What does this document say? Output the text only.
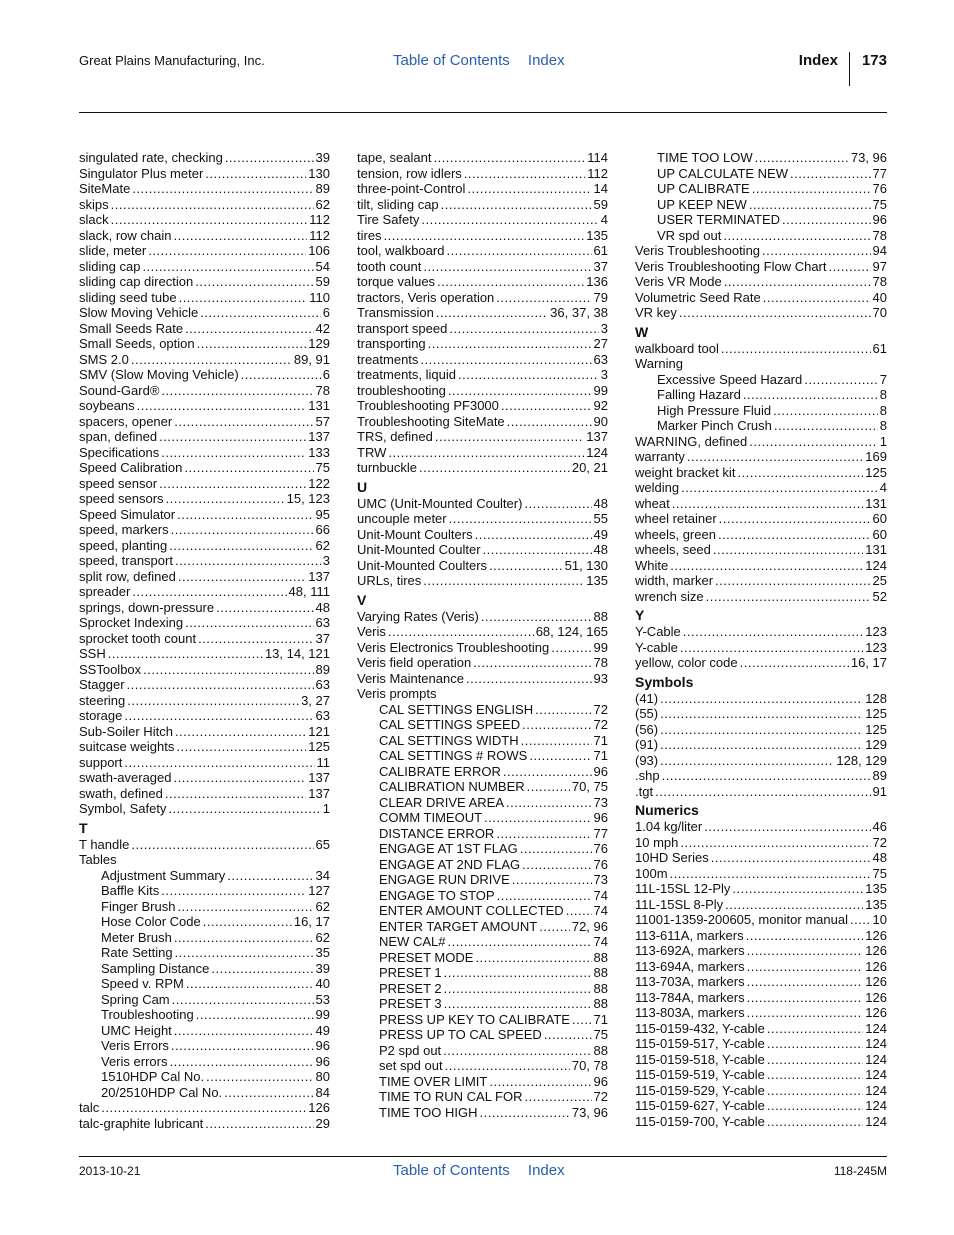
Great Plains Manufacturing, Inc.	Table of Contents Index	Index 173
singulated rate, checking .....	39
Singulator Plus meter .....	130
SiteMate .....	89
skips .....	62
slack .....	112
slack, row chain .....	112
slide, meter .....	106
sliding cap .....	54
sliding cap direction .....	59
sliding seed tube .....	110
Slow Moving Vehicle .....	6
Small Seeds Rate .....	42
Small Seeds, option .....	129
SMS 2.0 .....	89, 91
SMV (Slow Moving Vehicle) .....	6
Sound-Gard® .....	78
soybeans .....	131
spacers, opener .....	57
span, defined .....	137
Specifications .....	133
Speed Calibration .....	75
speed sensor .....	122
speed sensors .....	15, 123
Speed Simulator .....	95
speed, markers .....	66
speed, planting .....	62
speed, transport .....	3
split row, defined .....	137
spreader .....	48, 111
springs, down-pressure .....	48
Sprocket Indexing .....	63
sprocket tooth count .....	37
SSH .....	13, 14, 121
SSToolbox .....	89
Stagger .....	63
steering .....	3, 27
storage .....	63
Sub-Soiler Hitch .....	121
suitcase weights .....	125
support .....	11
swath-averaged .....	137
swath, defined .....	137
Symbol, Safety .....	1
T
T handle .....	65
Tables
Adjustment Summary .....	34
Baffle Kits .....	127
Finger Brush .....	62
Hose Color Code .....	16, 17
Meter Brush .....	62
Rate Setting .....	35
Sampling Distance .....	39
Speed v. RPM .....	40
Spring Cam .....	53
Troubleshooting .....	99
UMC Height .....	49
Veris Errors .....	96
Veris errors .....	96
1510HDP Cal No. .....	80
20/2510HDP Cal No. .....	84
talc .....	126
talc-graphite lubricant .....	29
tape, sealant .....	114
tension, row idlers .....	112
three-point-Control .....	14
tilt, sliding cap .....	59
Tire Safety .....	4
tires .....	135
tool, walkboard .....	61
tooth count .....	37
torque values .....	136
tractors, Veris operation .....	79
Transmission .....	36, 37, 38
transport speed .....	3
transporting .....	27
treatments .....	63
treatments, liquid .....	3
troubleshooting .....	99
Troubleshooting PF3000 .....	92
Troubleshooting SiteMate .....	90
TRS, defined .....	137
TRW .....	124
turnbuckle .....	20, 21
U
UMC (Unit-Mounted Coulter) .....	48
uncouple meter .....	55
Unit-Mount Coulters .....	49
Unit-Mounted Coulter .....	48
Unit-Mounted Coulters .....	51, 130
URLs, tires .....	135
V
Varying Rates (Veris) .....	88
Veris .....	68, 124, 165
Veris Electronics Troubleshooting .....	99
Veris field operation .....	78
Veris Maintenance .....	93
Veris prompts
CAL SETTINGS ENGLISH .....	72
CAL SETTINGS SPEED .....	72
CAL SETTINGS WIDTH .....	71
CAL SETTINGS # ROWS .....	71
CALIBRATE ERROR .....	96
CALIBRATION NUMBER .....	70, 75
CLEAR DRIVE AREA .....	73
COMM TIMEOUT .....	96
DISTANCE ERROR .....	77
ENGAGE AT 1ST FLAG .....	76
ENGAGE AT 2ND FLAG .....	76
ENGAGE RUN DRIVE .....	73
ENGAGE TO STOP .....	74
ENTER AMOUNT COLLECTED ..... 74
ENTER TARGET AMOUNT .....	72, 96
NEW CAL# .....	74
PRESET MODE .....	88
PRESET 1 .....	88
PRESET 2 .....	88
PRESET 3 .....	88
PRESS UP KEY TO CALIBRATE ..... 71
PRESS UP TO CAL SPEED .....	75
P2 spd out .....	88
set spd out .....	70, 78
TIME OVER LIMIT .....	96
TIME TO RUN CAL FOR .....	72
TIME TOO HIGH .....	73, 96
TIME TOO LOW .....	73, 96
UP CALCULATE NEW .....	77
UP CALIBRATE .....	76
UP KEEP NEW .....	75
USER TERMINATED .....	96
VR spd out .....	78
Veris Troubleshooting .....	94
Veris Troubleshooting Flow Chart .....	97
Veris VR Mode .....	78
Volumetric Seed Rate .....	40
VR key .....	70
W
walkboard tool .....	61
Warning
Excessive Speed Hazard .....	7
Falling Hazard .....	8
High Pressure Fluid .....	8
Marker Pinch Crush .....	8
WARNING, defined .....	1
warranty .....	169
weight bracket kit .....	125
welding .....	4
wheat .....	131
wheel retainer .....	60
wheels, green .....	60
wheels, seed .....	131
White .....	124
width, marker .....	25
wrench size .....	52
Y
Y-Cable .....	123
Y-cable .....	123
yellow, color code .....	16, 17
Symbols
(41) .....	128
(55) .....	125
(56) .....	125
(91) .....	129
(93) .....	128, 129
.shp .....	89
.tgt .....	91
Numerics
1.04 kg/liter .....	46
10 mph .....	72
10HD Series .....	48
100m .....	75
11L-15SL 12-Ply .....	135
11L-15SL 8-Ply .....	135
11001-1359-200605, monitor manual ..... 10
113-611A, markers .....	126
113-692A, markers .....	126
113-694A, markers .....	126
113-703A, markers .....	126
113-784A, markers .....	126
113-803A, markers .....	126
115-0159-432, Y-cable .....	124
115-0159-517, Y-cable .....	124
115-0159-518, Y-cable .....	124
115-0159-519, Y-cable .....	124
115-0159-529, Y-cable .....	124
115-0159-627, Y-cable .....	124
115-0159-700, Y-cable .....	124
2013-10-21	Table of Contents Index	118-245M
